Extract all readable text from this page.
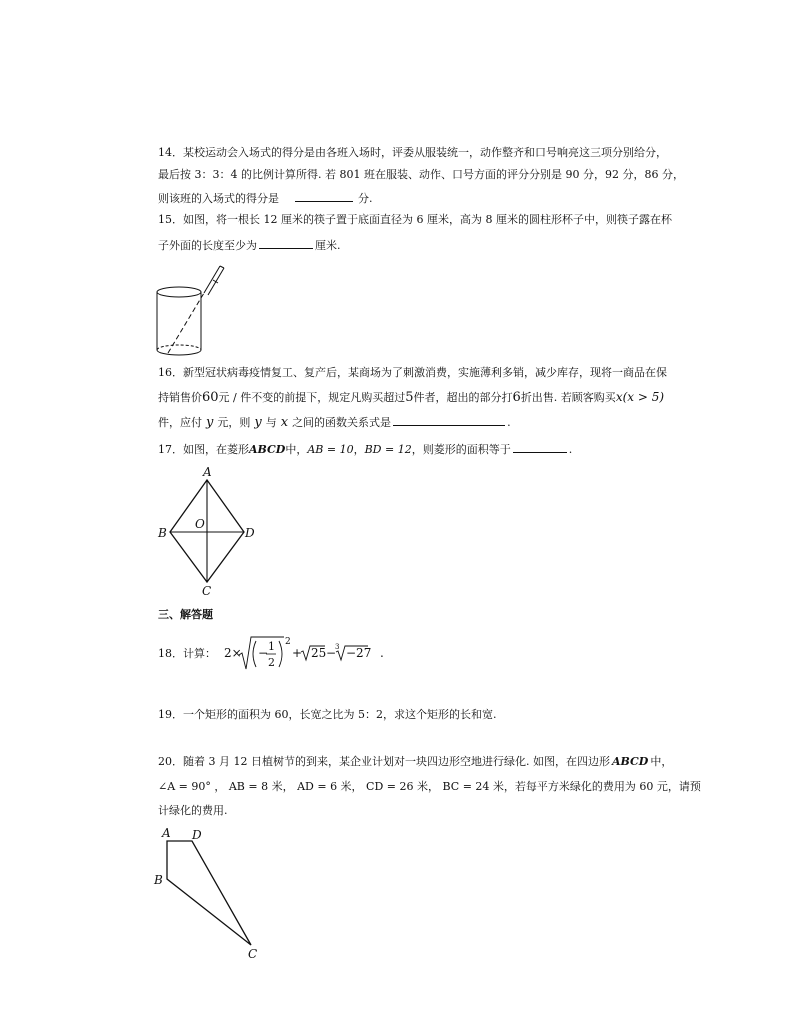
14．某校运动会入场式的得分是由各班入场时，评委从服装统一，动作整齐和口号响亮这三项分别给分，
最后按 3：3：4 的比例计算所得. 若 801 班在服装、动作、口号方面的评分分别是 90 分，92 分，86 分，
则该班的入场式的得分是	分.
15．如图，将一根长 12 厘米的筷子置于底面直径为 6 厘米，高为 8 厘米的圆柱形杯子中，则筷子露在杯
子外面的长度至少为	厘米.
16．新型冠状病毒疫情复工、复产后，某商场为了刺激消费，实施薄利多销，减少库存，现将一商品在保
持销售价60元 / 件不变的前提下，规定凡购买超过5件者，超出的部分打6折出售. 若顾客购买x(x > 5)
件，应付 y 元，则 y 与 x 之间的函数关系式是	.
17．如图，在菱形ABCD中，AB = 10，BD = 12，则菱形的面积等于	.
A
B	D
C
O
三、解答题
18．计算： 2× − 1
2
2
+ 25 −
3 −27 .
19．一个矩形的面积为 60，长宽之比为 5：2，求这个矩形的长和宽.
20．随着 3 月 12 日植树节的到来，某企业计划对一块四边形空地进行绿化. 如图，在四边形 ABCD 中，
∠A = 90° ， AB = 8 米， AD = 6 米， CD = 26 米， BC = 24 米，若每平方米绿化的费用为 60 元，请预
计绿化的费用.
A D
B
C
